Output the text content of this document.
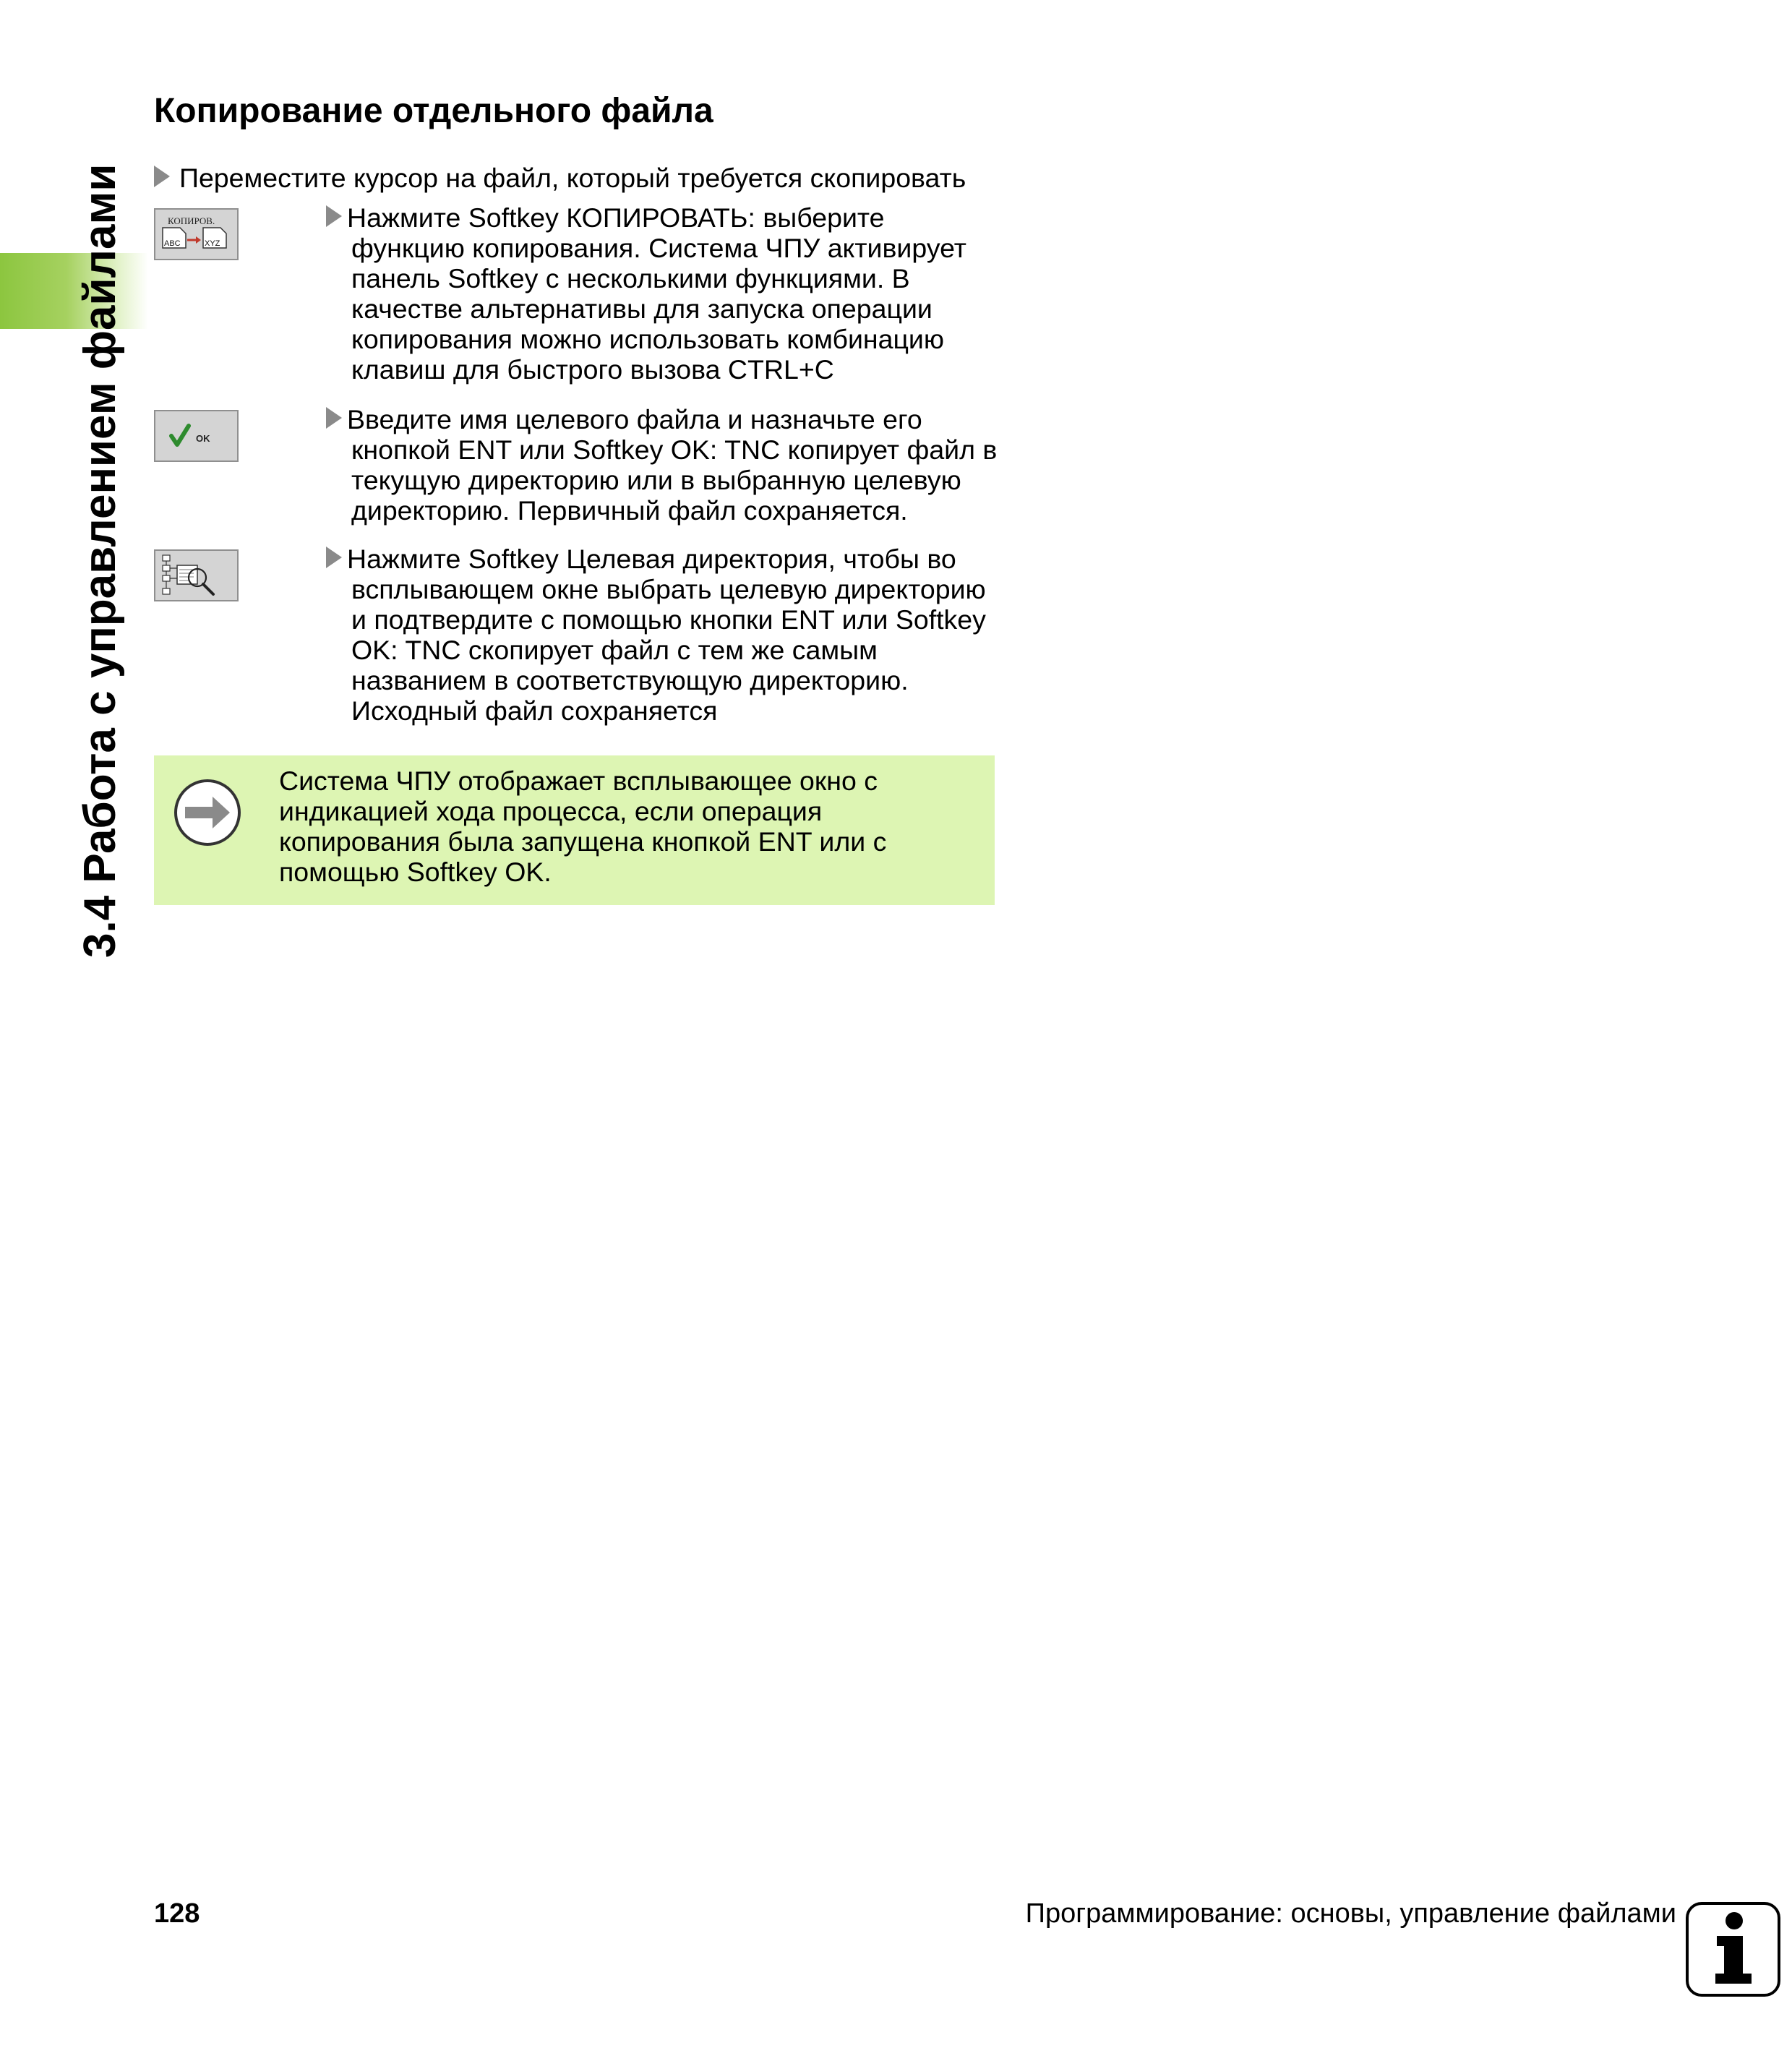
3.4 Работа с управлением файлами
Копирование отдельного файла
Переместите курсор на файл, который требуется скопировать
КОПИРОВ.
ABC	XYZ
Нажмите Softkey КОПИРОВАТЬ: выберите
функцию копирования. Система ЧПУ активирует
панель Softkey с несколькими функциями. В
качестве альтернативы для запуска операции
копирования можно использовать комбинацию
клавиш для быстрого вызова CTRL+C
OK
Введите имя целевого файла и назначьте его
кнопкой ENT или Softkey OK: TNC копирует файл в
текущую директорию или в выбранную целевую
директорию. Первичный файл сохраняется.
Нажмите Softkey Целевая директория, чтобы во
всплывающем окне выбрать целевую директорию
и подтвердите с помощью кнопки ENT или Softkey
OK: TNC скопирует файл с тем же самым
названием в соответствующую директорию.
Исходный файл сохраняется
Система ЧПУ отображает всплывающее окно с
индикацией хода процесса, если операция
копирования была запущена кнопкой ENT или с
помощью Softkey OK.
128	Программирование: основы, управление файлами
